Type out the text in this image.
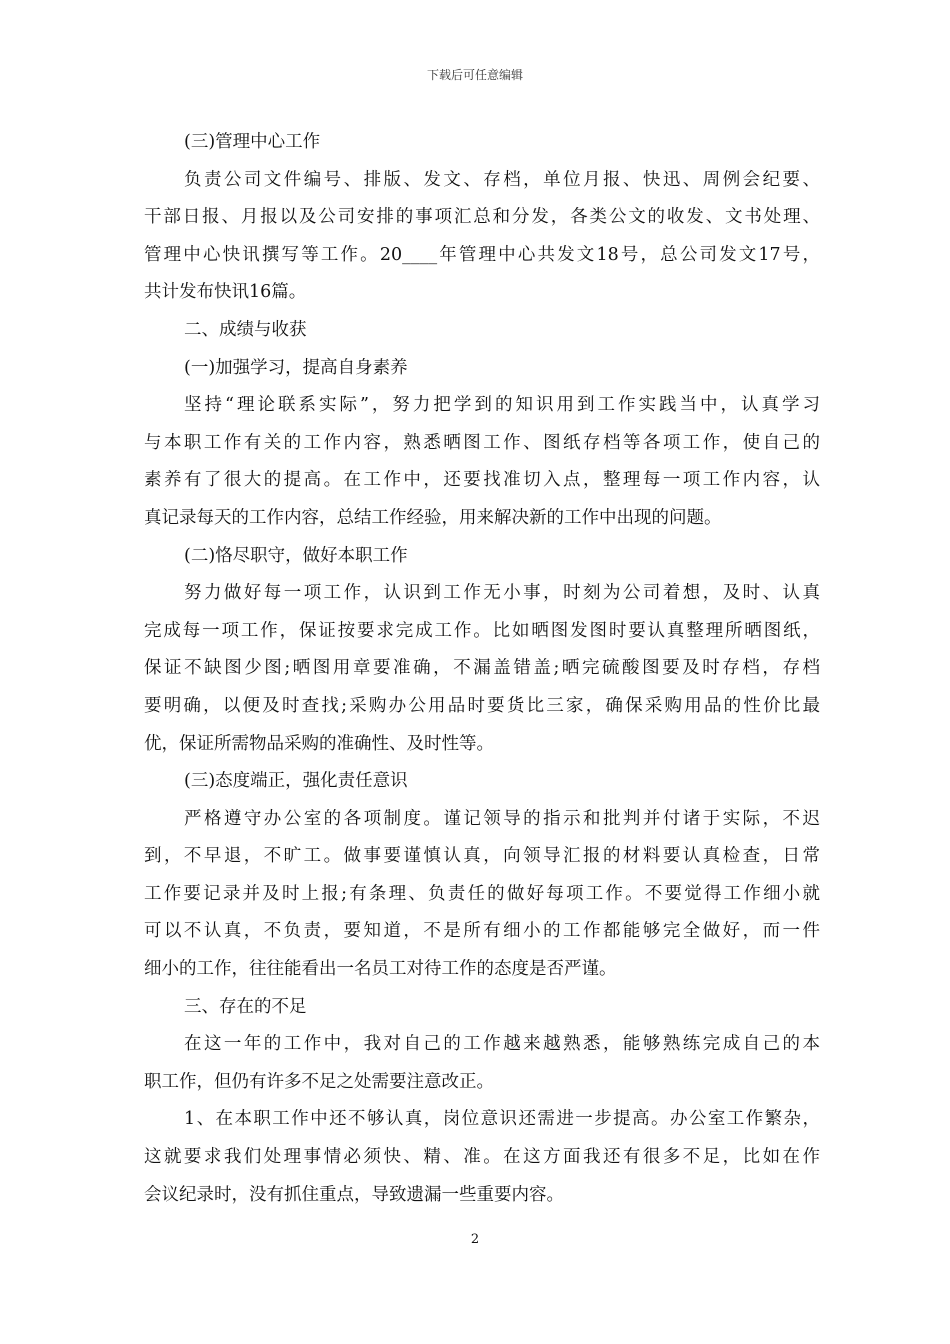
下载后可任意编辑
(三)管理中心工作
负责公司文件编号、排版、发文、存档，单位月报、快迅、周例会纪要、
干部日报、月报以及公司安排的事项汇总和分发，各类公文的收发、文书处理、
管理中心快讯撰写等工作。20____年管理中心共发文18号，总公司发文17号，
共计发布快讯16篇。
二、成绩与收获
(一)加强学习，提高自身素养
坚持“理论联系实际”，努力把学到的知识用到工作实践当中，认真学习
与本职工作有关的工作内容，熟悉晒图工作、图纸存档等各项工作，使自己的
素养有了很大的提高。在工作中，还要找准切入点，整理每一项工作内容，认
真记录每天的工作内容，总结工作经验，用来解决新的工作中出现的问题。
(二)恪尽职守，做好本职工作
努力做好每一项工作，认识到工作无小事，时刻为公司着想，及时、认真
完成每一项工作，保证按要求完成工作。比如晒图发图时要认真整理所晒图纸，
保证不缺图少图;晒图用章要准确，不漏盖错盖;晒完硫酸图要及时存档，存档
要明确，以便及时查找;采购办公用品时要货比三家，确保采购用品的性价比最
优，保证所需物品采购的准确性、及时性等。
(三)态度端正，强化责任意识
严格遵守办公室的各项制度。谨记领导的指示和批判并付诸于实际，不迟
到，不早退，不旷工。做事要谨慎认真，向领导汇报的材料要认真检查，日常
工作要记录并及时上报;有条理、负责任的做好每项工作。不要觉得工作细小就
可以不认真，不负责，要知道，不是所有细小的工作都能够完全做好，而一件
细小的工作，往往能看出一名员工对待工作的态度是否严谨。
三、存在的不足
在这一年的工作中，我对自己的工作越来越熟悉，能够熟练完成自己的本
职工作，但仍有许多不足之处需要注意改正。
1、在本职工作中还不够认真，岗位意识还需进一步提高。办公室工作繁杂，
这就要求我们处理事情必须快、精、准。在这方面我还有很多不足，比如在作
会议纪录时，没有抓住重点，导致遗漏一些重要内容。
2
